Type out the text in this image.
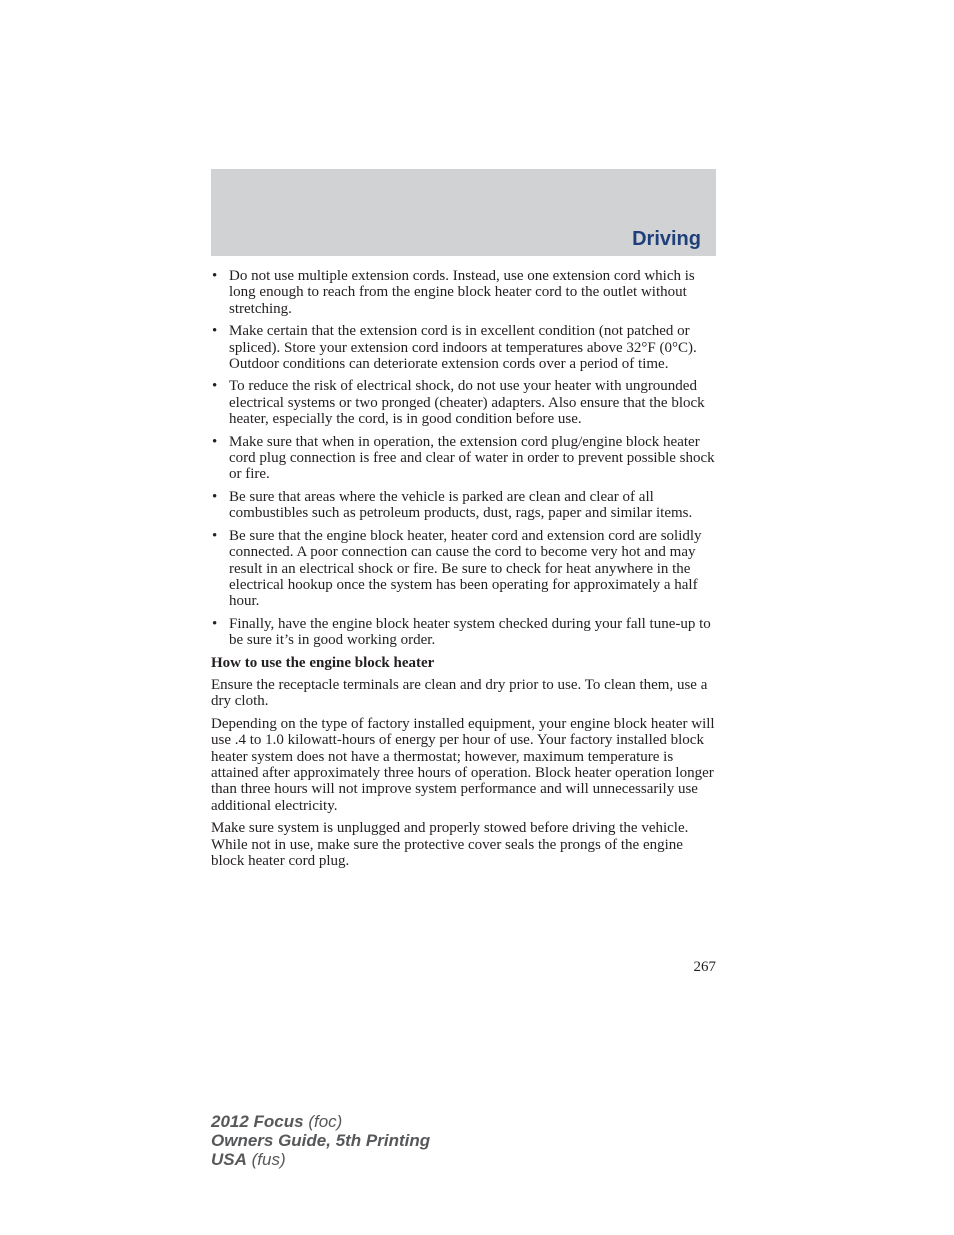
Driving
• Do not use multiple extension cords. Instead, use one extension cord which is long enough to reach from the engine block heater cord to the outlet without stretching.
• Make certain that the extension cord is in excellent condition (not patched or spliced). Store your extension cord indoors at temperatures above 32°F (0°C). Outdoor conditions can deteriorate extension cords over a period of time.
• To reduce the risk of electrical shock, do not use your heater with ungrounded electrical systems or two pronged (cheater) adapters. Also ensure that the block heater, especially the cord, is in good condition before use.
• Make sure that when in operation, the extension cord plug/engine block heater cord plug connection is free and clear of water in order to prevent possible shock or fire.
• Be sure that areas where the vehicle is parked are clean and clear of all combustibles such as petroleum products, dust, rags, paper and similar items.
• Be sure that the engine block heater, heater cord and extension cord are solidly connected. A poor connection can cause the cord to become very hot and may result in an electrical shock or fire. Be sure to check for heat anywhere in the electrical hookup once the system has been operating for approximately a half hour.
• Finally, have the engine block heater system checked during your fall tune-up to be sure it’s in good working order.

How to use the engine block heater

Ensure the receptacle terminals are clean and dry prior to use. To clean them, use a dry cloth.

Depending on the type of factory installed equipment, your engine block heater will use .4 to 1.0 kilowatt-hours of energy per hour of use. Your factory installed block heater system does not have a thermostat; however, maximum temperature is attained after approximately three hours of operation. Block heater operation longer than three hours will not improve system performance and will unnecessarily use additional electricity.

Make sure system is unplugged and properly stowed before driving the vehicle. While not in use, make sure the protective cover seals the prongs of the engine block heater cord plug.

267
2012 Focus (foc)
Owners Guide, 5th Printing
USA (fus)
